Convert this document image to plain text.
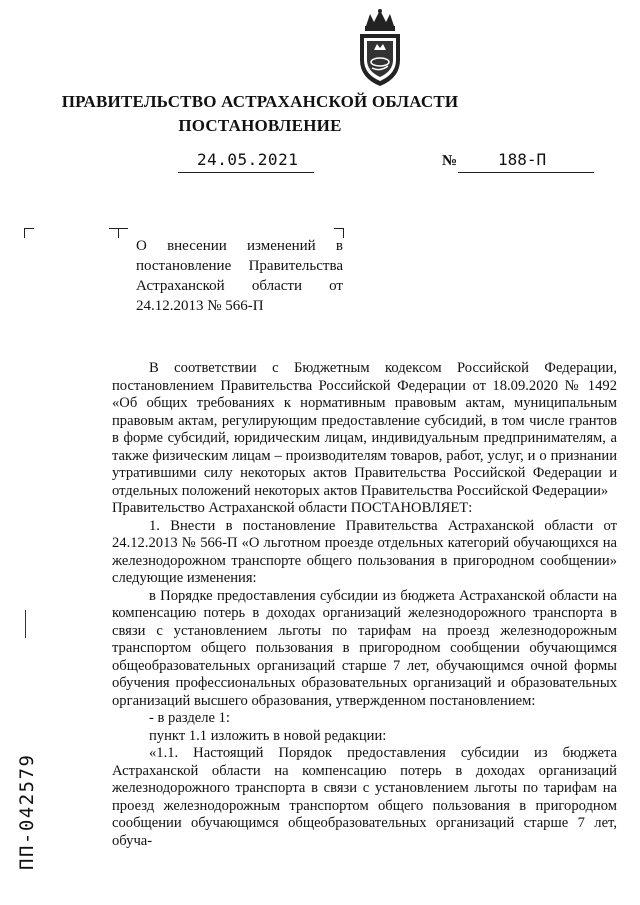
ПРАВИТЕЛЬСТВО АСТРАХАНСКОЙ ОБЛАСТИ
ПОСТАНОВЛЕНИЕ
24.05.2021	№	188-П
О внесении изменений в постановление Правительства Астраханской области от 24.12.2013 № 566-П

В соответствии с Бюджетным кодексом Российской Федерации, постановлением Правительства Российской Федерации от 18.09.2020 № 1492 «Об общих требованиях к нормативным правовым актам, муниципальным правовым актам, регулирующим предоставление субсидий, в том числе грантов в форме субсидий, юридическим лицам, индивидуальным предпринимателям, а также физическим лицам – производителям товаров, работ, услуг, и о признании утратившими силу некоторых актов Правительства Российской Федерации и отдельных положений некоторых актов Правительства Российской Федерации»

Правительство Астраханской области ПОСТАНОВЛЯЕТ:

1. Внести в постановление Правительства Астраханской области от 24.12.2013 № 566-П «О льготном проезде отдельных категорий обучающихся на железнодорожном транспорте общего пользования в пригородном сообщении» следующие изменения:

в Порядке предоставления субсидии из бюджета Астраханской области на компенсацию потерь в доходах организаций железнодорожного транспорта в связи с установлением льготы по тарифам на проезд железнодорожным транспортом общего пользования в пригородном сообщении обучающимся общеобразовательных организаций старше 7 лет, обучающимся очной формы обучения профессиональных образовательных организаций и образовательных организаций высшего образования, утвержденном постановлением:

- в разделе 1:

пункт 1.1 изложить в новой редакции:

«1.1. Настоящий Порядок предоставления субсидии из бюджета Астраханской области на компенсацию потерь в доходах организаций железнодорожного транспорта в связи с установлением льготы по тарифам на проезд железнодорожным транспортом общего пользования в пригородном сообщении обучающимся общеобразовательных организаций старше 7 лет, обуча-

ПП-042579
